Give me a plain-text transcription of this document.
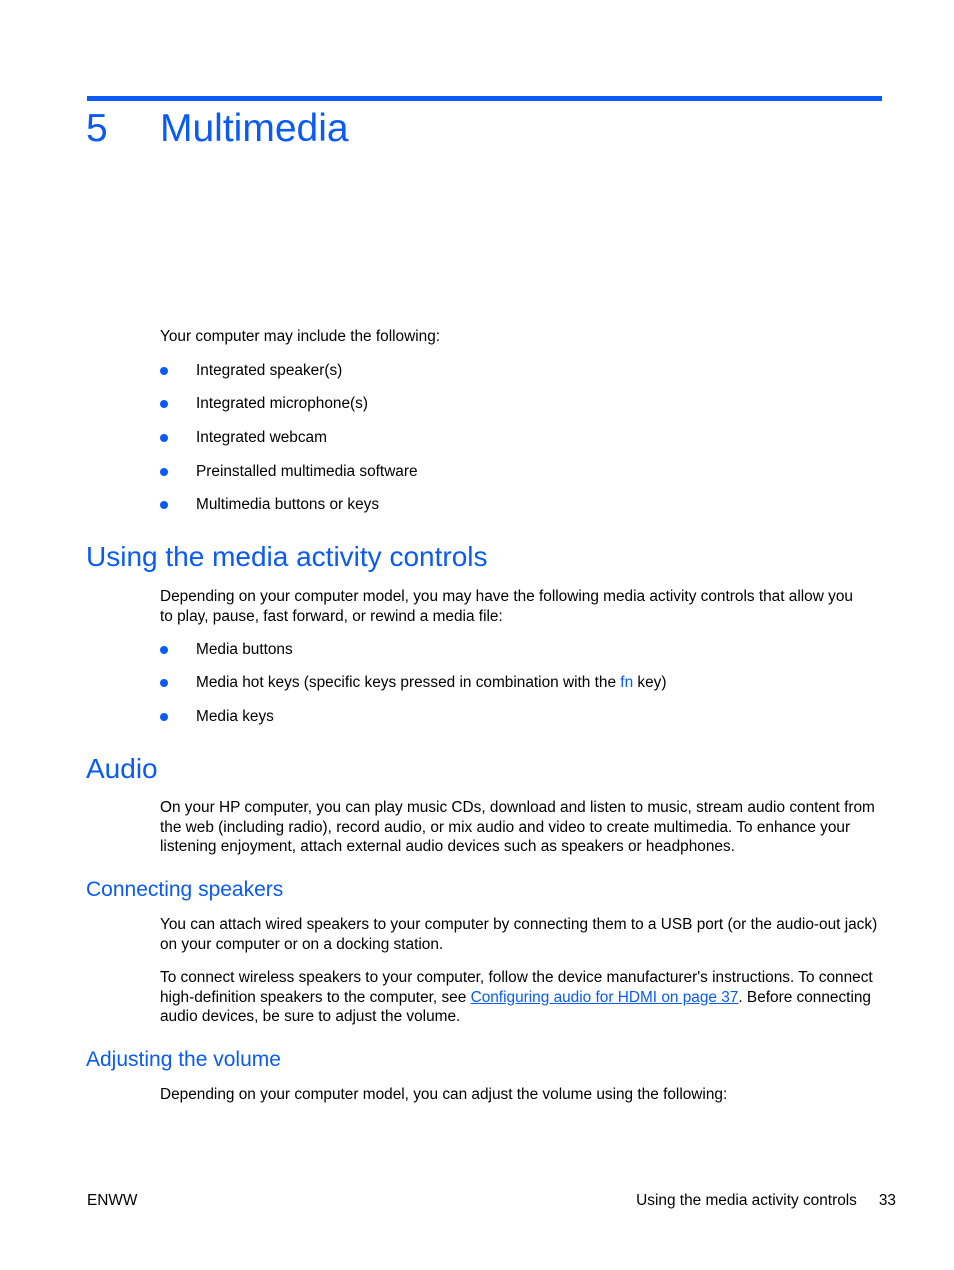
5 Multimedia
Your computer may include the following:
Integrated speaker(s)
Integrated microphone(s)
Integrated webcam
Preinstalled multimedia software
Multimedia buttons or keys
Using the media activity controls
Depending on your computer model, you may have the following media activity controls that allow you to play, pause, fast forward, or rewind a media file:
Media buttons
Media hot keys (specific keys pressed in combination with the fn key)
Media keys
Audio
On your HP computer, you can play music CDs, download and listen to music, stream audio content from the web (including radio), record audio, or mix audio and video to create multimedia. To enhance your listening enjoyment, attach external audio devices such as speakers or headphones.
Connecting speakers
You can attach wired speakers to your computer by connecting them to a USB port (or the audio-out jack) on your computer or on a docking station.
To connect wireless speakers to your computer, follow the device manufacturer's instructions. To connect high-definition speakers to the computer, see Configuring audio for HDMI on page 37. Before connecting audio devices, be sure to adjust the volume.
Adjusting the volume
Depending on your computer model, you can adjust the volume using the following:
ENWW	Using the media activity controls 33
